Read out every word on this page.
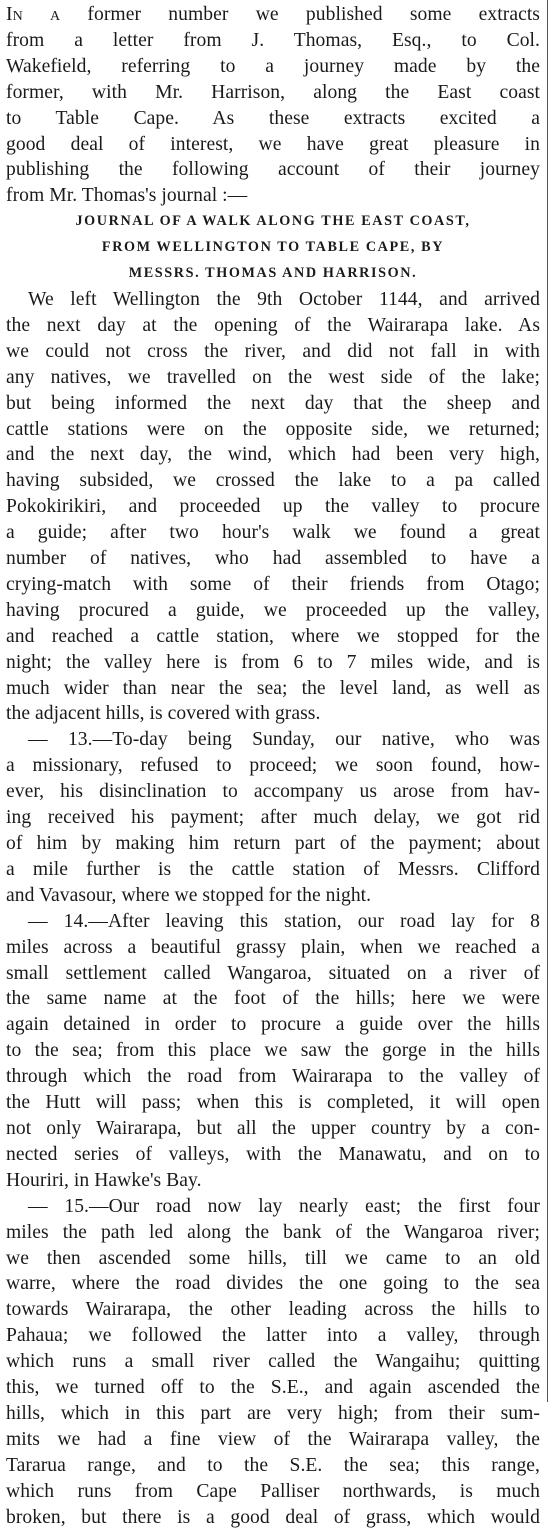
In a former number we published some extracts
from a letter from J. Thomas, Esq., to Col.
Wakefield, referring to a journey made by the
former, with Mr. Harrison, along the East coast
to Table Cape. As these extracts excited a
good deal of interest, we have great pleasure in
publishing the following account of their journey
from Mr. Thomas's journal :—

JOURNAL OF A WALK ALONG THE EAST COAST,
FROM WELLINGTON TO TABLE CAPE, BY
MESSRS. THOMAS AND HARRISON.

We left Wellington the 9th October 1144, and arrived
the next day at the opening of the Wairarapa lake. As
we could not cross the river, and did not fall in with
any natives, we travelled on the west side of the lake;
but being informed the next day that the sheep and
cattle stations were on the opposite side, we returned;
and the next day, the wind, which had been very high,
having subsided, we crossed the lake to a pa called
Pokokirikiri, and proceeded up the valley to procure
a guide; after two hour's walk we found a great
number of natives, who had assembled to have a
crying-match with some of their friends from Otago;
having procured a guide, we proceeded up the valley,
and reached a cattle station, where we stopped for the
night; the valley here is from 6 to 7 miles wide, and is
much wider than near the sea; the level land, as well as
the adjacent hills, is covered with grass.

— 13.—To-day being Sunday, our native, who was
a missionary, refused to proceed; we soon found, how-
ever, his disinclination to accompany us arose from hav-
ing received his payment; after much delay, we got rid
of him by making him return part of the payment; about
a mile further is the cattle station of Messrs. Clifford
and Vavasour, where we stopped for the night.

— 14.—After leaving this station, our road lay for 8
miles across a beautiful grassy plain, when we reached a
small settlement called Wangaroa, situated on a river of
the same name at the foot of the hills; here we were
again detained in order to procure a guide over the hills
to the sea; from this place we saw the gorge in the hills
through which the road from Wairarapa to the valley of
the Hutt will pass; when this is completed, it will open
not only Wairarapa, but all the upper country by a con-
nected series of valleys, with the Manawatu, and on to
Houriri, in Hawke's Bay.

— 15.—Our road now lay nearly east; the first four
miles the path led along the bank of the Wangaroa river;
we then ascended some hills, till we came to an old
warre, where the road divides the one going to the sea
towards Wairarapa, the other leading across the hills to
Pahaua; we followed the latter into a valley, through
which runs a small river called the Wangaihu; quitting
this, we turned off to the S.E., and again ascended the
hills, which in this part are very high; from their sum-
mits we had a fine view of the Wairarapa valley, the
Tararua range, and to the S.E. the sea; this range,
which runs from Cape Palliser northwards, is much
broken, but there is a good deal of grass, which would
